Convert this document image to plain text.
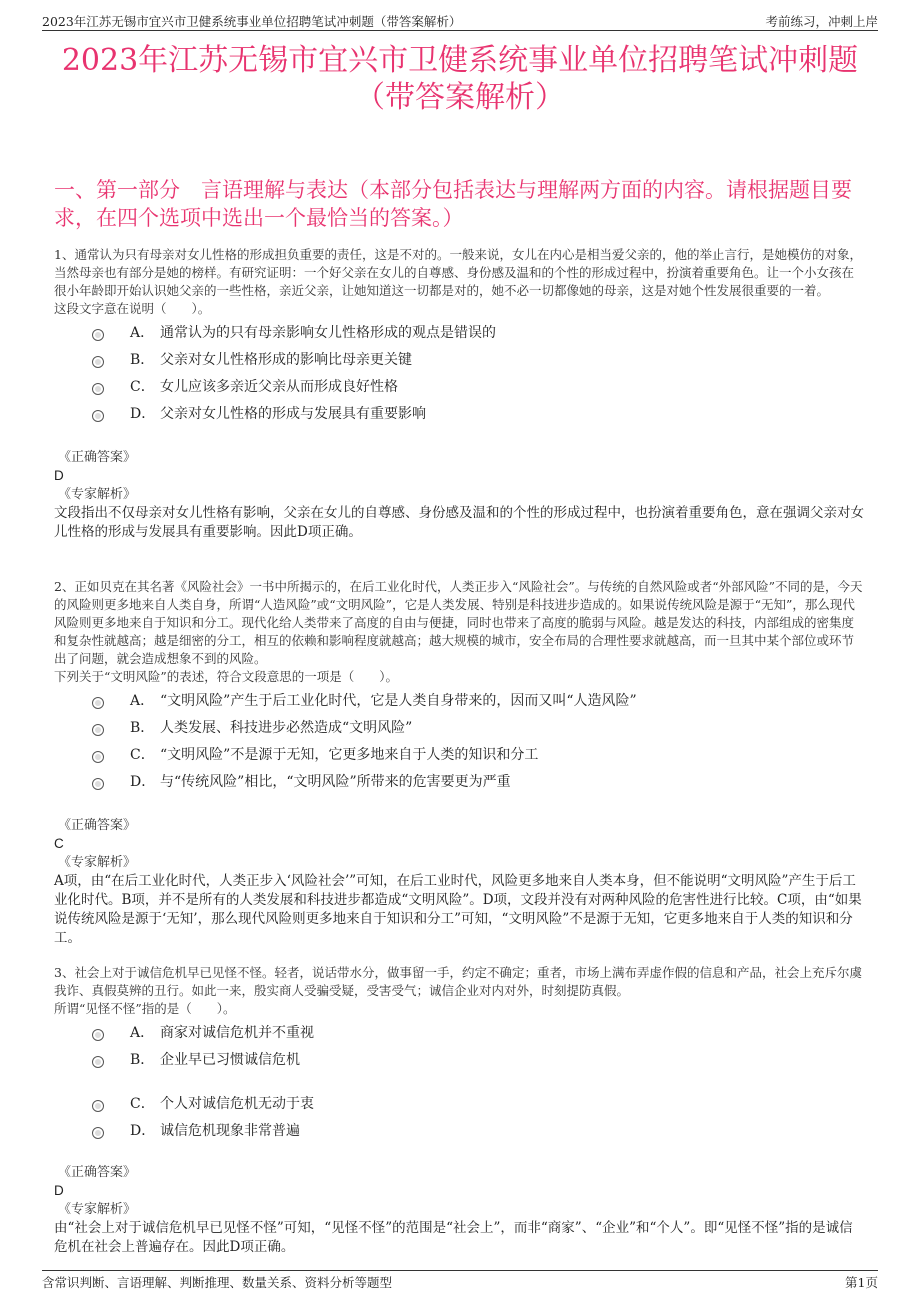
2023年江苏无锡市宜兴市卫健系统事业单位招聘笔试冲刺题（带答案解析）	考前练习，冲刺上岸
2023年江苏无锡市宜兴市卫健系统事业单位招聘笔试冲刺题
（带答案解析）
一、第一部分　言语理解与表达（本部分包括表达与理解两方面的内容。请根据题目要求，在四个选项中选出一个最恰当的答案。）

1、通常认为只有母亲对女儿性格的形成担负重要的责任，这是不对的。一般来说，女儿在内心是相当爱父亲的，他的举止言行，是她模仿的对象，当然母亲也有部分是她的榜样。有研究证明：一个好父亲在女儿的自尊感、身份感及温和的个性的形成过程中，扮演着重要角色。让一个小女孩在很小年龄即开始认识她父亲的一些性格，亲近父亲，让她知道这一切都是对的，她不必一切都像她的母亲，这是对她个性发展很重要的一着。

这段文字意在说明（　　）。

A． 通常认为的只有母亲影响女儿性格形成的观点是错误的
B． 父亲对女儿性格形成的影响比母亲更关键
C． 女儿应该多亲近父亲从而形成良好性格
D． 父亲对女儿性格的形成与发展具有重要影响
《正确答案》
D
《专家解析》

文段指出不仅母亲对女儿性格有影响，父亲在女儿的自尊感、身份感及温和的个性的形成过程中，也扮演着重要角色，意在强调父亲对女儿性格的形成与发展具有重要影响。因此D项正确。

2、正如贝克在其名著《风险社会》一书中所揭示的，在后工业化时代，人类正步入“风险社会”。与传统的自然风险或者“外部风险”不同的是，今天的风险则更多地来自人类自身，所谓“人造风险”或“文明风险”，它是人类发展、特别是科技进步造成的。如果说传统风险是源于“无知”，那么现代风险则更多地来自于知识和分工。现代化给人类带来了高度的自由与便捷，同时也带来了高度的脆弱与风险。越是发达的科技，内部组成的密集度和复杂性就越高；越是细密的分工，相互的依赖和影响程度就越高；越大规模的城市，安全布局的合理性要求就越高，而一旦其中某个部位或环节出了问题，就会造成想象不到的风险。

下列关于“文明风险”的表述，符合文段意思的一项是（　　）。

A． “文明风险”产生于后工业化时代，它是人类自身带来的，因而又叫“人造风险”
B． 人类发展、科技进步必然造成“文明风险”
C． “文明风险”不是源于无知，它更多地来自于人类的知识和分工
D． 与“传统风险”相比，“文明风险”所带来的危害要更为严重
《正确答案》
C
《专家解析》

A项，由“在后工业化时代，人类正步入‘风险社会’”可知，在后工业时代，风险更多地来自人类本身，但不能说明“文明风险”产生于后工业化时代。B项，并不是所有的人类发展和科技进步都造成“文明风险”。D项，文段并没有对两种风险的危害性进行比较。C项，由“如果说传统风险是源于‘无知’，那么现代风险则更多地来自于知识和分工”可知，“文明风险”不是源于无知，它更多地来自于人类的知识和分工。

3、社会上对于诚信危机早已见怪不怪。轻者，说话带水分，做事留一手，约定不确定；重者，市场上满布弄虚作假的信息和产品，社会上充斥尔虞我诈、真假莫辨的丑行。如此一来，殷实商人受骗受疑，受害受气；诚信企业对内对外，时刻提防真假。

所谓“见怪不怪”指的是（　　）。

A． 商家对诚信危机并不重视
B． 企业早已习惯诚信危机
C． 个人对诚信危机无动于衷
D． 诚信危机现象非常普遍
《正确答案》
D
《专家解析》

由“社会上对于诚信危机早已见怪不怪”可知，“见怪不怪”的范围是“社会上”，而非“商家”、“企业”和“个人”。即“见怪不怪”指的是诚信危机在社会上普遍存在。因此D项正确。

含常识判断、言语理解、判断推理、数量关系、资料分析等题型	第1页
